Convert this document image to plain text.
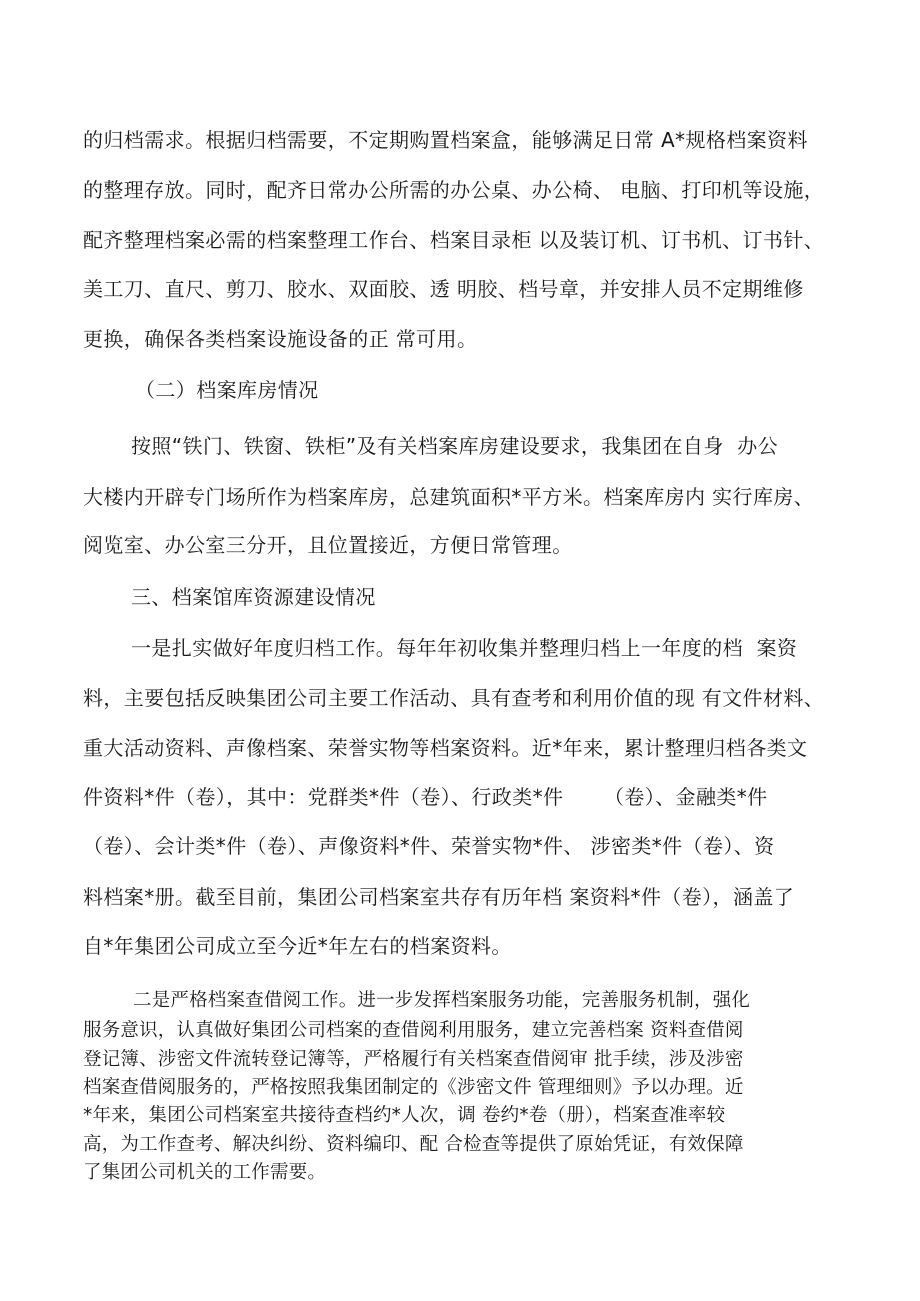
的归档需求。根据归档需要，不定期购置档案盒，能够满足日常 A*规格档案资料
的整理存放。同时，配齐日常办公所需的办公桌、办公椅、 电脑、打印机等设施，
配齐整理档案必需的档案整理工作台、档案目录柜 以及装订机、订书机、订书针、
美工刀、直尺、剪刀、胶水、双面胶、透 明胶、档号章，并安排人员不定期维修
更换，确保各类档案设施设备的正 常可用。
（二）档案库房情况
按照“铁门、铁窗、铁柜”及有关档案库房建设要求，我集团在自身  办公
大楼内开辟专门场所作为档案库房，总建筑面积*平方米。档案库房内 实行库房、
阅览室、办公室三分开，且位置接近，方便日常管理。
三、档案馆库资源建设情况
一是扎实做好年度归档工作。每年年初收集并整理归档上一年度的档  案资
料，主要包括反映集团公司主要工作活动、具有查考和利用价值的现 有文件材料、
重大活动资料、声像档案、荣誉实物等档案资料。近*年来，累计整理归档各类文
件资料*件（卷），其中：党群类*件（卷）、行政类*件      （卷）、金融类*件
（卷）、会计类*件（卷）、声像资料*件、荣誉实物*件、 涉密类*件（卷）、资
料档案*册。截至目前，集团公司档案室共存有历年档 案资料*件（卷），涵盖了
自*年集团公司成立至今近*年左右的档案资料。
二是严格档案查借阅工作。进一步发挥档案服务功能，完善服务机制，强化
服务意识，认真做好集团公司档案的查借阅利用服务，建立完善档案 资料查借阅
登记簿、涉密文件流转登记簿等，严格履行有关档案查借阅审 批手续，涉及涉密
档案查借阅服务的，严格按照我集团制定的《涉密文件 管理细则》予以办理。近
*年来，集团公司档案室共接待查档约*人次，调 卷约*卷（册），档案查准率较
高，为工作查考、解决纠纷、资料编印、配 合检查等提供了原始凭证，有效保障
了集团公司机关的工作需要。
